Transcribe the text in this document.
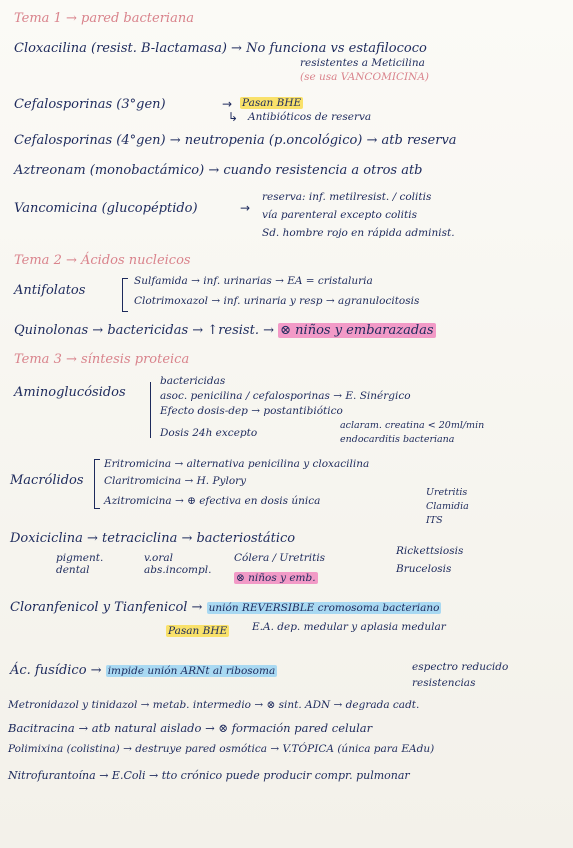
Tema 1 → pared bacteriana
Cloxacilina (resist. B-lactamasa) → No funciona vs estafilococo
resistentes a Meticilina
(se usa VANCOMICINA)
Cefalosporinas (3°gen)	→ Pasan BHE
↳ Antibióticos de reserva
Cefalosporinas (4°gen) → neutropenia (p.oncológico) → atb reserva
Aztreonam (monobactámico) → cuando resistencia a otros atb
Vancomicina (glucopéptido)	→
reserva: inf. metilresist. / colitis
vía parenteral excepto colitis
Sd. hombre rojo en rápida administ.
Tema 2 → Ácidos nucleicos
Antifolatos
Sulfamida → inf. urinarias → EA = cristaluria
Clotrimoxazol → inf. urinaria y resp → agranulocitosis
Quinolonas → bactericidas → ↑resist. → ⊗ niños y embarazadas
Tema 3 → síntesis proteica
Aminoglucósidos
bactericidas
asoc. penicilina / cefalosporinas → E. Sinérgico
Efecto dosis-dep → postantibiótico
Dosis 24h excepto
aclaram. creatina < 20ml/min
endocarditis bacteriana
Macrólidos
Eritromicina → alternativa penicilina y cloxacilina
Claritromicina → H. Pylory
Azitromicina → ⊕ efectiva en dosis única
Uretritis
Clamidia
ITS
Doxiciclina → tetraciclina → bacteriostático
pigment. dental
v.oral abs.incompl.
Cólera / Uretritis
⊗ niños y emb.
Rickettsiosis
Brucelosis
Cloranfenicol y Tianfenicol → unión REVERSIBLE cromosoma bacteriano
Pasan BHE E.A. dep. medular y aplasia medular
Ác. fusídico → impide unión ARNt al ribosoma	espectro reducido
resistencias
Metronidazol y tinidazol → metab. intermedio → ⊗ sint. ADN → degrada cadt.
Bacitracina → atb natural aislado → ⊗ formación pared celular
Polimixina (colistina) → destruye pared osmótica → V.TÓPICA (única para EAdu)
Nitrofurantoína → E.Coli → tto crónico puede producir compr. pulmonar
